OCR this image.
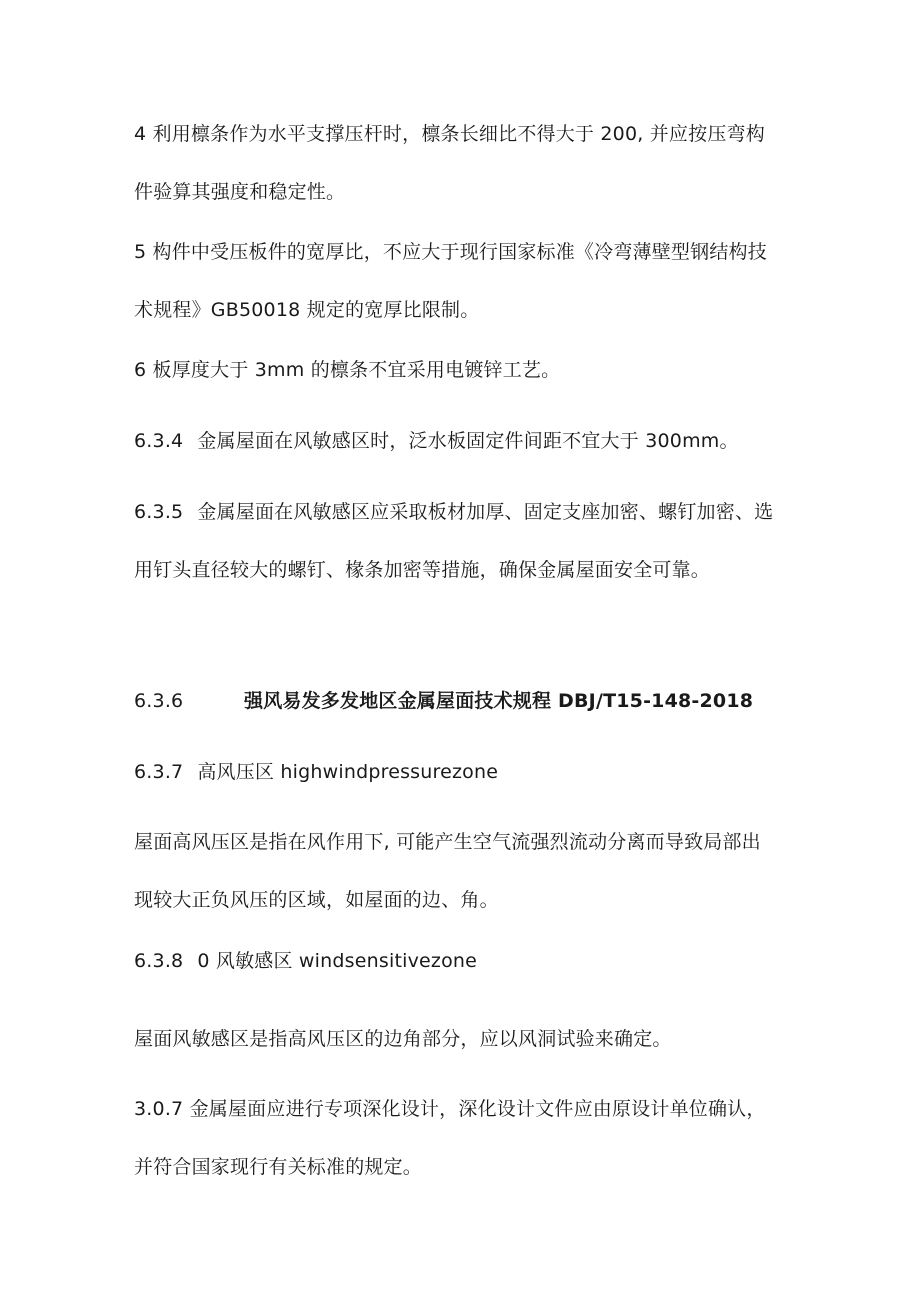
4 利用檩条作为水平支撑压杆时，檩条长细比不得大于 200, 并应按压弯构
件验算其强度和稳定性。

5 构件中受压板件的宽厚比，不应大于现行国家标准《冷弯薄壁型钢结构技
术规程》GB50018 规定的宽厚比限制。

6 板厚度大于 3mm 的檩条不宜采用电镀锌工艺。

6.3.4 金属屋面在风敏感区时，泛水板固定件间距不宜大于 300mm。

6.3.5 金属屋面在风敏感区应采取板材加厚、固定支座加密、螺钉加密、选
用钉头直径较大的螺钉、椽条加密等措施，确保金属屋面安全可靠。

6.3.6	强风易发多发地区金属屋面技术规程 DBJ/T15-148-2018

6.3.7 高风压区 highwindpressurezone

屋面高风压区是指在风作用下, 可能产生空气流强烈流动分离而导致局部出
现较大正负风压的区域，如屋面的边、角。

6.3.8 0 风敏感区 windsensitivezone

屋面风敏感区是指高风压区的边角部分，应以风洞试验来确定。

3.0.7 金属屋面应进行专项深化设计，深化设计文件应由原设计单位确认，
并符合国家现行有关标准的规定。
